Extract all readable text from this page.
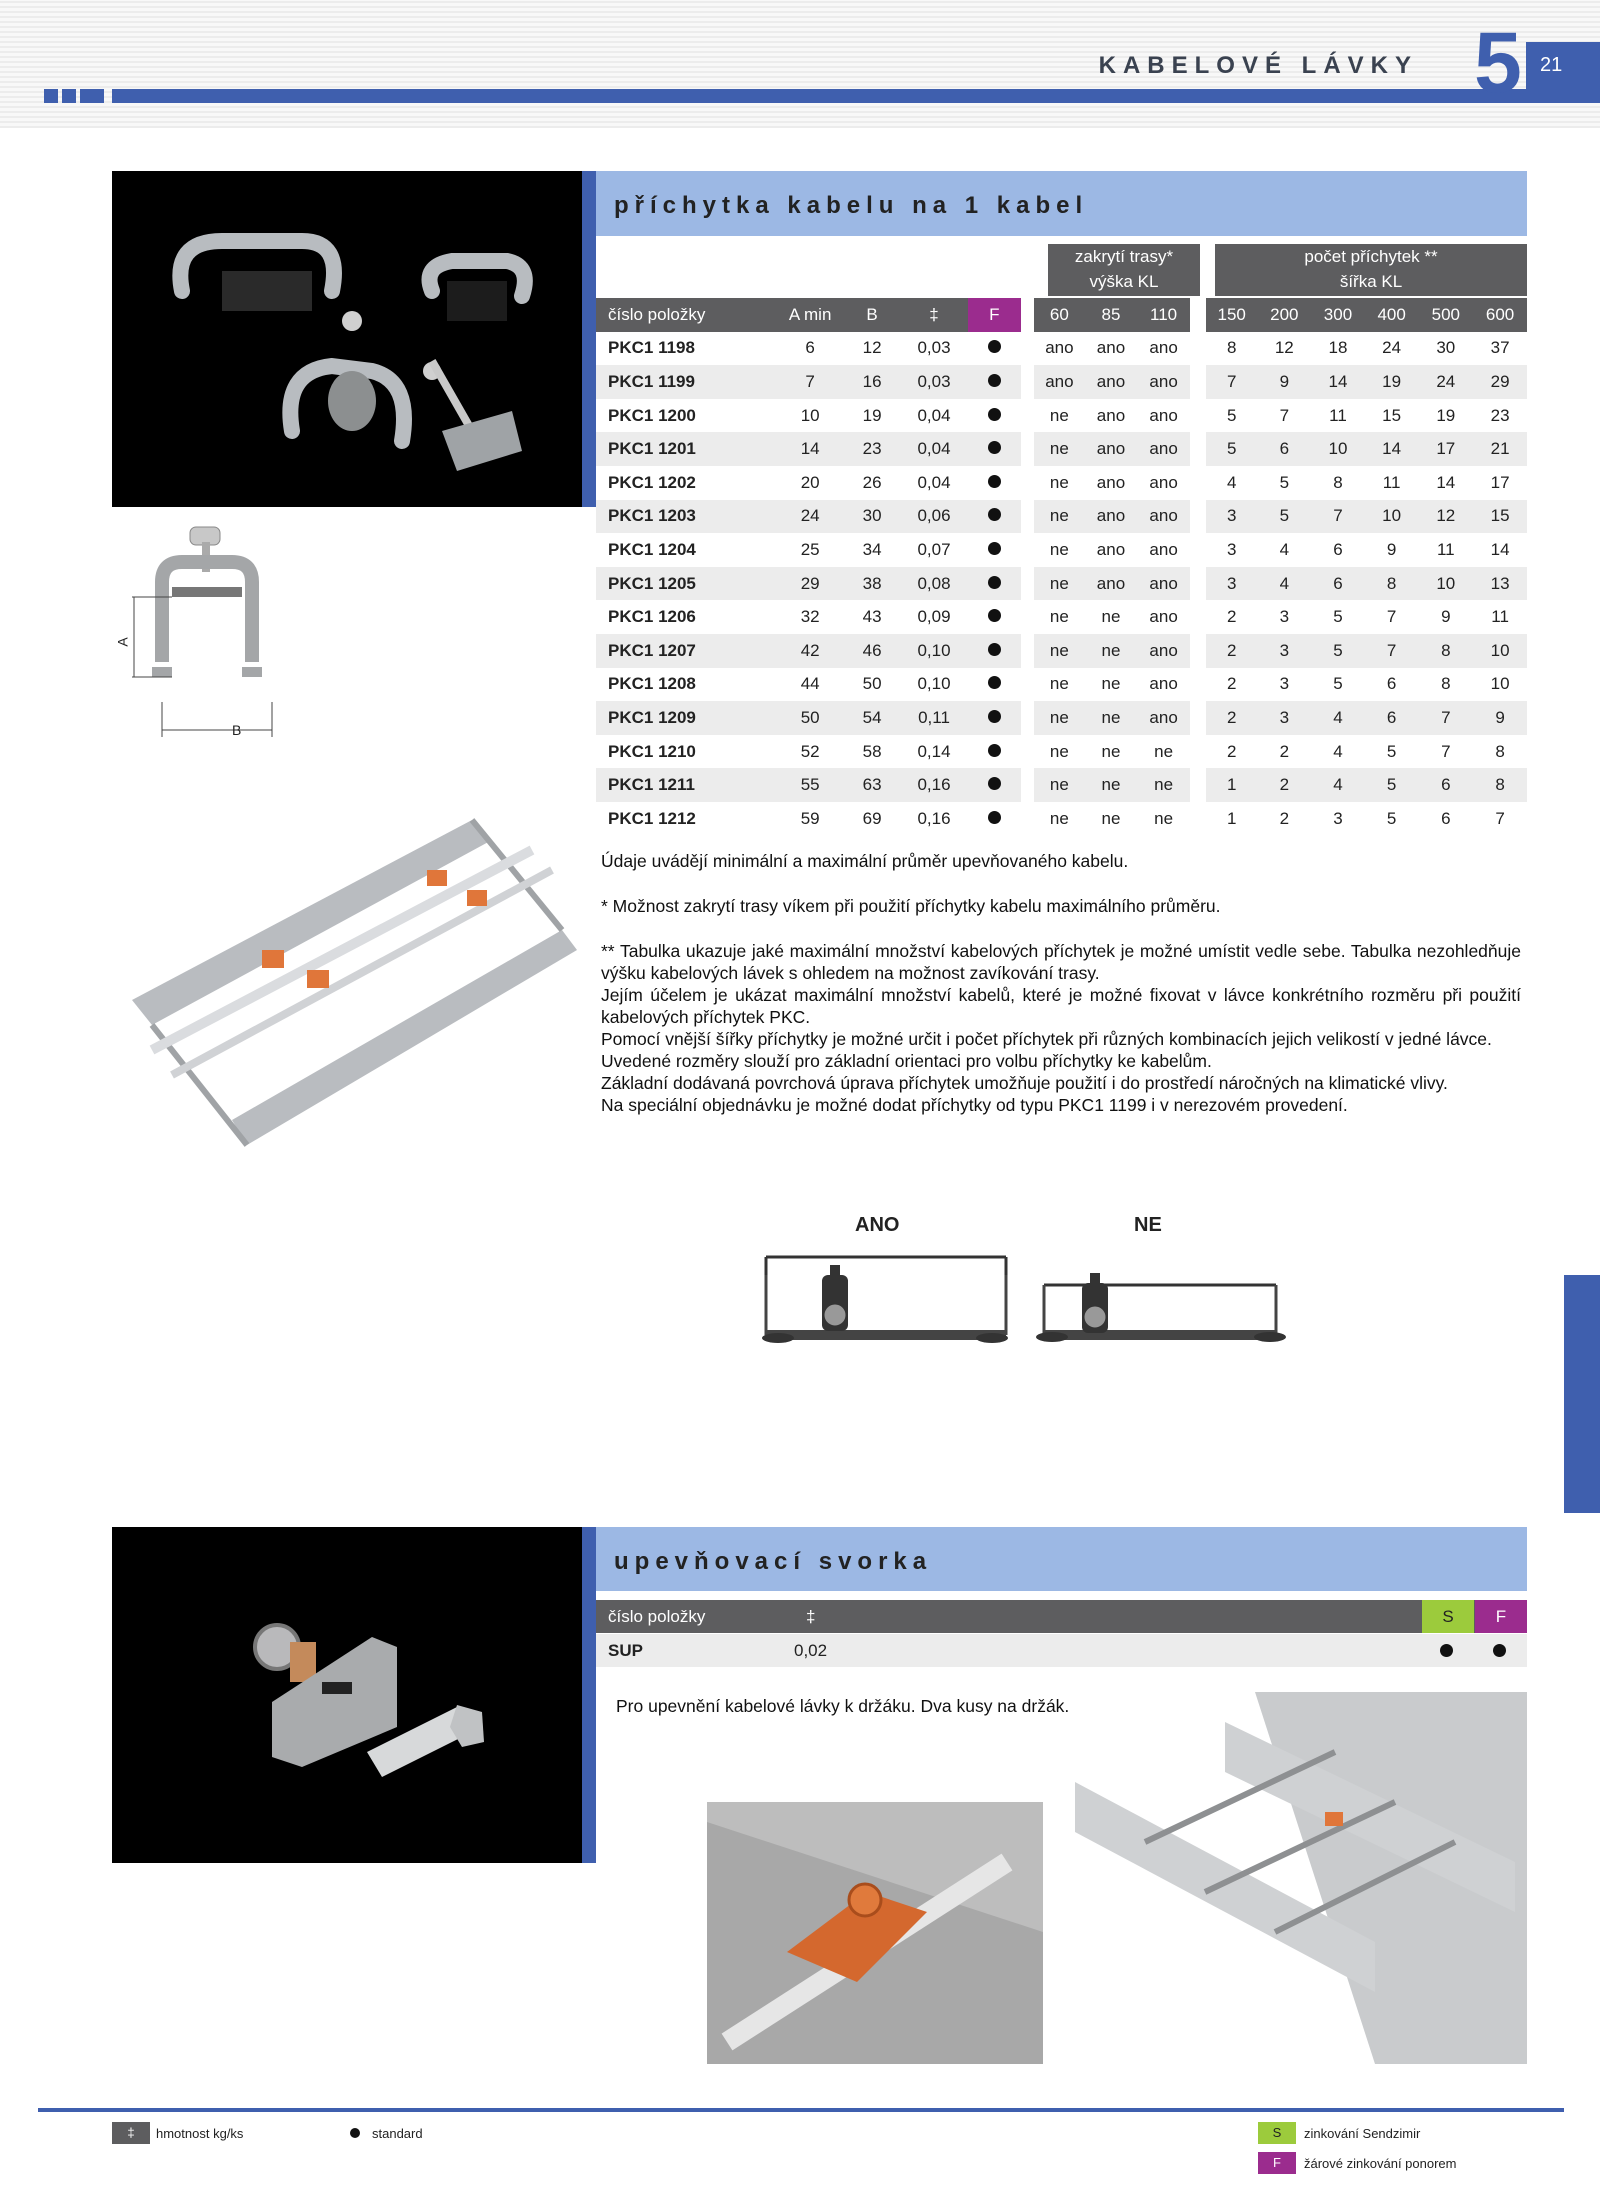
KABELOVÉ LÁVKY 5 21
A
B
příchytka kabelu na 1 kabel
zakrytí trasy*
výška KL
počet příchytek **
šířka KL
číslo položky	A min	B	‡	F		60	85	110		150	200	300	400	500	600
PKC1 1198	6	12	0,03			ano	ano	ano		8	12	18	24	30	37
PKC1 1199	7	16	0,03			ano	ano	ano		7	9	14	19	24	29
PKC1 1200	10	19	0,04			ne	ano	ano		5	7	11	15	19	23
PKC1 1201	14	23	0,04			ne	ano	ano		5	6	10	14	17	21
PKC1 1202	20	26	0,04			ne	ano	ano		4	5	8	11	14	17
PKC1 1203	24	30	0,06			ne	ano	ano		3	5	7	10	12	15
PKC1 1204	25	34	0,07			ne	ano	ano		3	4	6	9	11	14
PKC1 1205	29	38	0,08			ne	ano	ano		3	4	6	8	10	13
PKC1 1206	32	43	0,09			ne	ne	ano		2	3	5	7	9	11
PKC1 1207	42	46	0,10			ne	ne	ano		2	3	5	7	8	10
PKC1 1208	44	50	0,10			ne	ne	ano		2	3	5	6	8	10
PKC1 1209	50	54	0,11			ne	ne	ano		2	3	4	6	7	9
PKC1 1210	52	58	0,14			ne	ne	ne		2	2	4	5	7	8
PKC1 1211	55	63	0,16			ne	ne	ne		1	2	4	5	6	8
PKC1 1212	59	69	0,16			ne	ne	ne		1	2	3	5	6	7
Údaje uvádějí minimální a maximální průměr upevňovaného kabelu.
* Možnost zakrytí trasy víkem při použití příchytky kabelu maximálního průměru.
** Tabulka ukazuje jaké maximální množství kabelových příchytek je možné umístit vedle sebe. Tabulka nezohledňuje výšku kabelových lávek s ohledem na možnost zavíkování trasy.
Jejím účelem je ukázat maximální množství kabelů, které je možné fixovat v lávce konkrétního rozměru při použití kabelových příchytek PKC.
Pomocí vnější šířky příchytky je možné určit i počet příchytek při různých kombinacích jejich velikostí v jedné lávce.
Uvedené rozměry slouží pro základní orientaci pro volbu příchytky ke kabelům.
Základní dodávaná povrchová úprava příchytek umožňuje použití i do prostředí náročných na klimatické vlivy.
Na speciální objednávku je možné dodat příchytky od typu PKC1 1199 i v nerezovém provedení.
ANO	NE
upevňovací svorka
číslo položky	‡	S	F
SUP	0,02
Pro upevnění kabelové lávky k držáku. Dva kusy na držák.
‡	hmotnost kg/ks	standard	S	zinkování Sendzimir
F	žárové zinkování ponorem
